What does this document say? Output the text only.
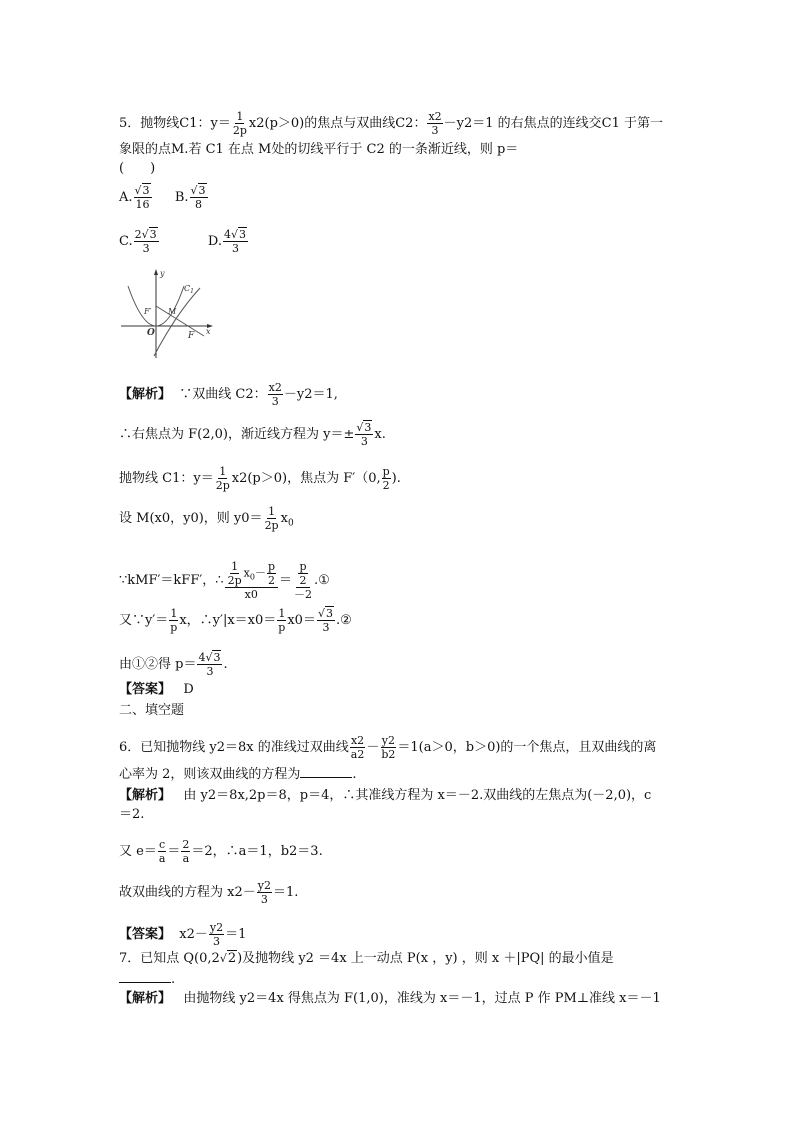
5．抛物线C1：$y= \frac{1}{2p} x2(p>0)$的焦点与双曲线C2： $\frac{x2}{3} -y2=1$ 的右焦点的连线交C1 于第一
象限的点M.若 C1 在点 M处的切线平行于 C2 的一条渐近线，则 p＝
(　　)
A. $\frac{√3}{16} B$. $\frac{√3}{8}$
C. $\frac{2√3}{3}$	D. $\frac{4√3}{3}$
y
x
O	F
F′ M
$C_1$
【解析】 ∵双曲线 C2： $\frac{x2}{3} -y2=1$,
∴右焦点为 F(2,0)，渐近线方程为 $y=\pm \frac{√3}{3} x$.
抛物线 C1：$y= \frac{1}{2p} x2(p>0)$，焦点为 F′（0, $\frac{p}{2}$ ).
设 M(x0，y0)，则 $y0= \frac{1}{2p} x_0$
∵kMF′＝kFF′，∴ $\frac{\frac{1}{2p} x_0- \frac{p}{2}}{x0} = \frac{\frac{p}{2}}{-2}$ .①
又∵y′＝ $\frac{1}{p}$ x，∴y′|x＝x0＝ $\frac{1}{p} x0= \frac{√3}{3}$ .②
由①②得 $p= \frac{4√3}{3}$ .
【答案】 D
二、填空题
6．已知抛物线 y2＝8x 的准线过双曲线 $\frac{x2}{a2} - \frac{y2}{b2} =1(a>0$，b＞0)的一个焦点，且双曲线的离
心率为 2，则该双曲线的方程为	.
【解析】 由 y2＝8x,2p＝8，p＝4，∴其准线方程为 x＝－2.双曲线的左焦点为(－2,0)，c
＝2.
又 $e= \frac{c}{a} = \frac{2}{a} =2$，∴a＝1，b2＝3.
故双曲线的方程为 $x2- \frac{y2}{3} =1$.
【答案】 $x2- \frac{y2}{3} =1$
7．已知点 Q(0,2√2)及抛物线 y2 ＝4x 上一动点 P(x ，y) ，则 x ＋|PQ| 的最小值是
.
【解析】 由抛物线 y2＝4x 得焦点为 F(1,0)，准线为 x＝－1，过点 P 作 PM⊥准线 x＝－1
